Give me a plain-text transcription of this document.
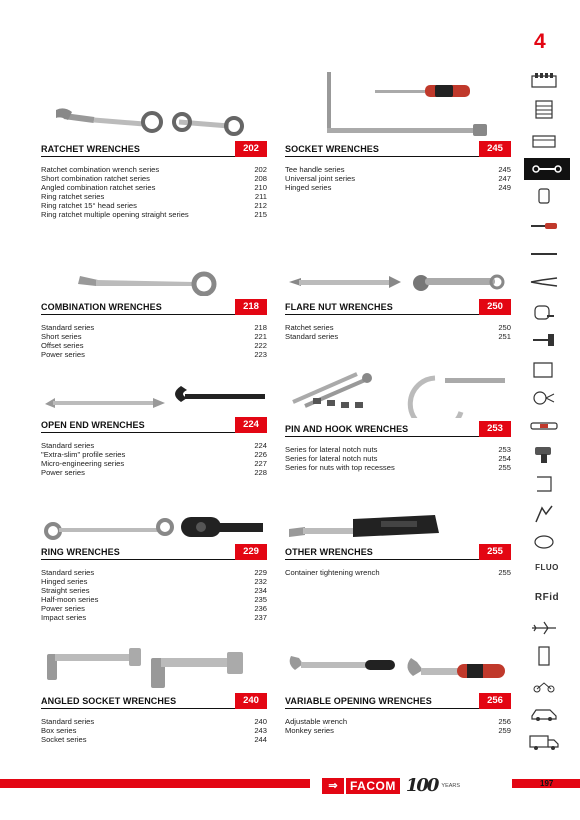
4
RATCHET WRENCHES	202
Ratchet combination wrench series	202
Short combination ratchet series	208
Angled combination ratchet series	210
Ring ratchet series	211
Ring ratchet 15° head series	212
Ring ratchet multiple opening straight series	215
SOCKET WRENCHES	245
Tee handle series	245
Universal joint series	247
Hinged series	249
COMBINATION WRENCHES	218
Standard series	218
Short series	221
Offset series	222
Power series	223
FLARE NUT WRENCHES	250
Ratchet series	250
Standard series	251
OPEN END WRENCHES	224
Standard series	224
"Extra-slim" profile series	226
Micro-engineering series	227
Power series	228
PIN AND HOOK WRENCHES	253
Series for lateral notch nuts	253
Series for lateral notch nuts	254
Series for nuts with top recesses	255
RING WRENCHES	229
Standard series	229
Hinged series	232
Straight series	234
Half-moon series	235
Power series	236
Impact series	237
OTHER WRENCHES	255
Container tightening wrench	255
ANGLED SOCKET WRENCHES	240
Standard series	240
Box series	243
Socket series	244
VARIABLE OPENING WRENCHES	256
Adjustable wrench	256
Monkey series	259
FLUO
RFid
⇒	FACOM 100 YEARS	197
